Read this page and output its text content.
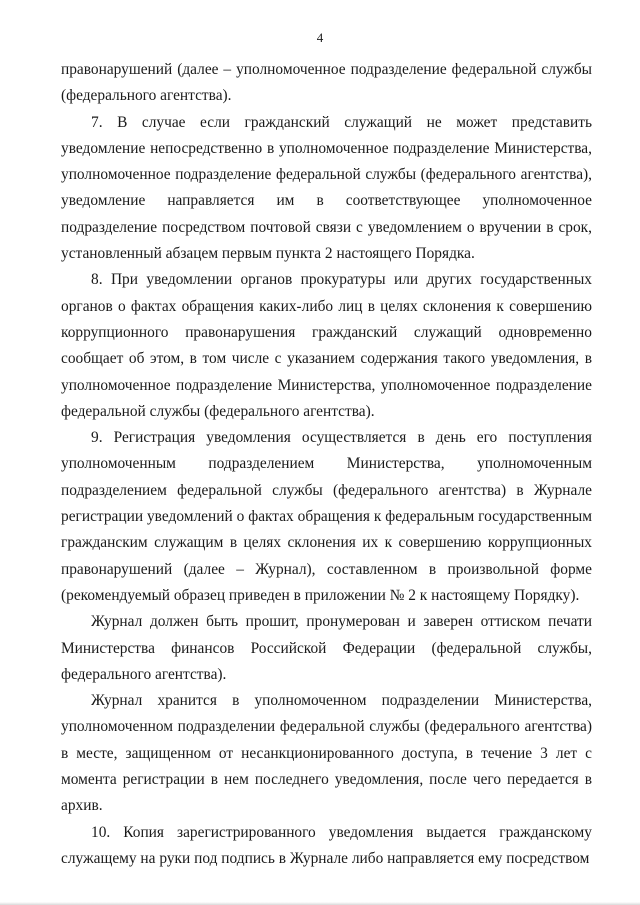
4

правонарушений (далее – уполномоченное подразделение федеральной службы (федерального агентства).

7. В случае если гражданский служащий не может представить уведомление непосредственно в уполномоченное подразделение Министерства, уполномоченное подразделение федеральной службы (федерального агентства), уведомление направляется им в соответствующее уполномоченное подразделение посредством почтовой связи с уведомлением о вручении в срок, установленный абзацем первым пункта 2 настоящего Порядка.

8. При уведомлении органов прокуратуры или других государственных органов о фактах обращения каких-либо лиц в целях склонения к совершению коррупционного правонарушения гражданский служащий одновременно сообщает об этом, в том числе с указанием содержания такого уведомления, в уполномоченное подразделение Министерства, уполномоченное подразделение федеральной службы (федерального агентства).

9. Регистрация уведомления осуществляется в день его поступления уполномоченным подразделением Министерства, уполномоченным подразделением федеральной службы (федерального агентства) в Журнале регистрации уведомлений о фактах обращения к федеральным государственным гражданским служащим в целях склонения их к совершению коррупционных правонарушений (далее – Журнал), составленном в произвольной форме (рекомендуемый образец приведен в приложении № 2 к настоящему Порядку).

Журнал должен быть прошит, пронумерован и заверен оттиском печати Министерства финансов Российской Федерации (федеральной службы, федерального агентства).

Журнал хранится в уполномоченном подразделении Министерства, уполномоченном подразделении федеральной службы (федерального агентства) в месте, защищенном от несанкционированного доступа, в течение 3 лет с момента регистрации в нем последнего уведомления, после чего передается в архив.

10. Копия зарегистрированного уведомления выдается гражданскому служащему на руки под подпись в Журнале либо направляется ему посредством
